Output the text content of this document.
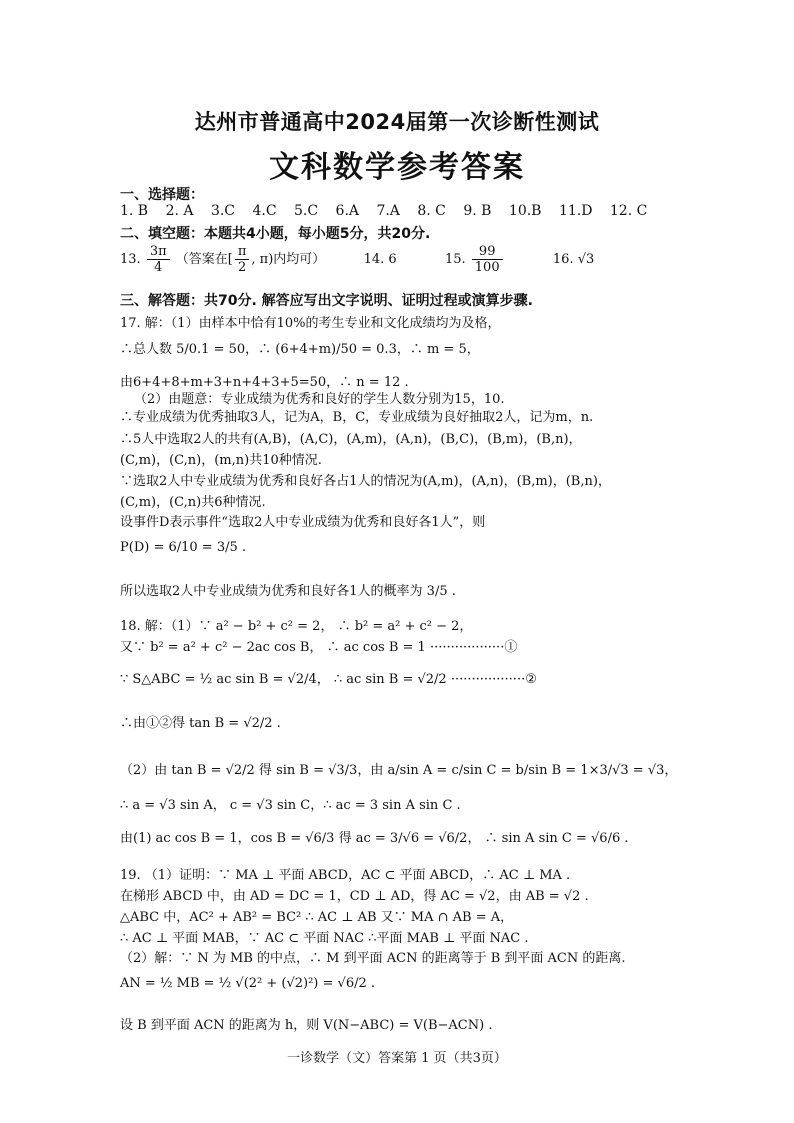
达州市普通高中2024届第一次诊断性测试
文科数学参考答案
一、选择题：
1. B 2. A 3.C 4.C 5.C 6.A 7.A 8. C 9. B 10.B 11.D 12. C
二、填空题：本题共4小题，每小题5分，共20分.
13. $\frac{3\pi}{4}$ （答案在[ $\frac{\pi}{2}$ , π)内均可）	14. 6	15. $\frac{99}{100}$	16. √3
三、解答题：共70分. 解答应写出文字说明、证明过程或演算步骤.
17. 解：（1）由样本中恰有10%的考生专业和文化成绩均为及格，
∴总人数 5/0.1 = 50，∴ (6+4+m)/50 = 0.3，∴ m = 5，
由6+4+8+m+3+n+4+3+5=50，∴ n = 12 .
（2）由题意：专业成绩为优秀和良好的学生人数分别为15，10.
∴专业成绩为优秀抽取3人，记为A，B，C，专业成绩为良好抽取2人，记为m，n.
∴5人中选取2人的共有(A,B)，(A,C)，(A,m)，(A,n)，(B,C)，(B,m)，(B,n)，
(C,m)，(C,n)，(m,n)共10种情况.
∵选取2人中专业成绩为优秀和良好各占1人的情况为(A,m)，(A,n)，(B,m)，(B,n)，
(C,m)，(C,n)共6种情况.
设事件D表示事件“选取2人中专业成绩为优秀和良好各1人”，则
P(D) = 6/10 = 3/5 .
所以选取2人中专业成绩为优秀和良好各1人的概率为 3/5 .
18. 解：（1）∵ a² − b² + c² = 2， ∴ b² = a² + c² − 2，
又∵ b² = a² + c² − 2ac cos B， ∴ ac cos B = 1 ··················①
∵ S△ABC = ½ ac sin B = √2/4， ∴ ac sin B = √2/2 ··················②
∴由①②得 tan B = √2/2 .
（2）由 tan B = √2/2 得 sin B = √3/3，由 a/sin A = c/sin C = b/sin B = 1×3/√3 = √3，
∴ a = √3 sin A， c = √3 sin C，∴ ac = 3 sin A sin C .
由(1) ac cos B = 1，cos B = √6/3 得 ac = 3/√6 = √6/2， ∴ sin A sin C = √6/6 .
19. （1）证明：∵ MA ⊥ 平面 ABCD，AC ⊂ 平面 ABCD，∴ AC ⊥ MA .
在梯形 ABCD 中，由 AD = DC = 1，CD ⊥ AD，得 AC = √2，由 AB = √2 .
△ABC 中，AC² + AB² = BC² ∴ AC ⊥ AB 又∵ MA ∩ AB = A，
∴ AC ⊥ 平面 MAB，∵ AC ⊂ 平面 NAC ∴平面 MAB ⊥ 平面 NAC .
（2）解：∵ N 为 MB 的中点，∴ M 到平面 ACN 的距离等于 B 到平面 ACN 的距离.
AN = ½ MB = ½ √(2² + (√2)²) = √6/2 .
设 B 到平面 ACN 的距离为 h，则 V(N−ABC) = V(B−ACN) .
一诊数学（文）答案第 1 页（共3页）
